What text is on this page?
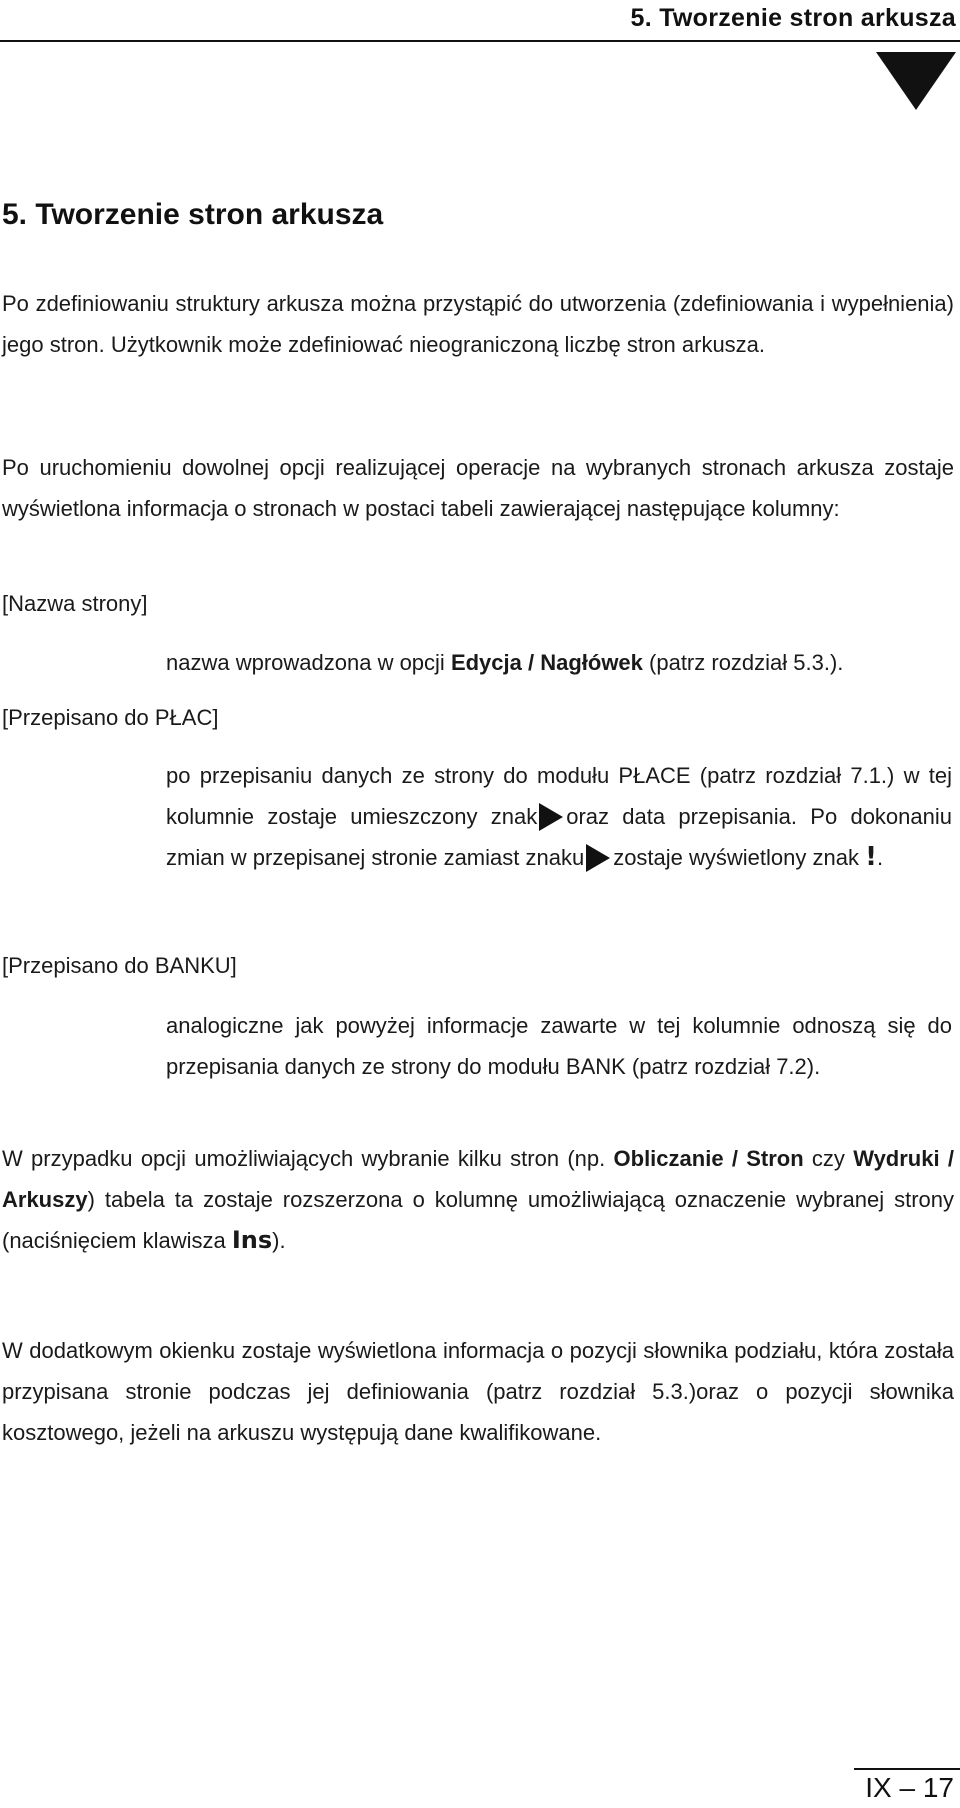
5. Tworzenie stron arkusza
5. Tworzenie stron arkusza

Po zdefiniowaniu struktury arkusza można przystąpić do utworzenia (zdefiniowania i wypełnienia) jego stron. Użytkownik może zdefiniować nieograniczoną liczbę stron arkusza.

Po uruchomieniu dowolnej opcji realizującej operacje na wybranych stronach arkusza zostaje wyświetlona informacja o stronach w postaci tabeli zawierającej następujące kolumny:

[Nazwa strony]

nazwa wprowadzona w opcji Edycja / Nagłówek (patrz rozdział 5.3.).

[Przepisano do PŁAC]

po przepisaniu danych ze strony do modułu PŁACE (patrz rozdział 7.1.) w tej kolumnie zostaje umieszczony znak oraz data przepisania. Po dokonaniu zmian w przepisanej stronie zamiast znaku zostaje wyświetlony znak !.

[Przepisano do BANKU]

analogiczne jak powyżej informacje zawarte w tej kolumnie odnoszą się do przepisania danych ze strony do modułu BANK (patrz rozdział 7.2).

W przypadku opcji umożliwiających wybranie kilku stron (np. Obliczanie / Stron czy Wydruki / Arkuszy) tabela ta zostaje rozszerzona o kolumnę umożliwiającą oznaczenie wybranej strony (naciśnięciem klawisza Ins).

W dodatkowym okienku zostaje wyświetlona informacja o pozycji słownika podziału, która została przypisana stronie podczas jej definiowania (patrz rozdział 5.3.)oraz o pozycji słownika kosztowego, jeżeli na arkuszu występują dane kwalifikowane.

IX – 17
